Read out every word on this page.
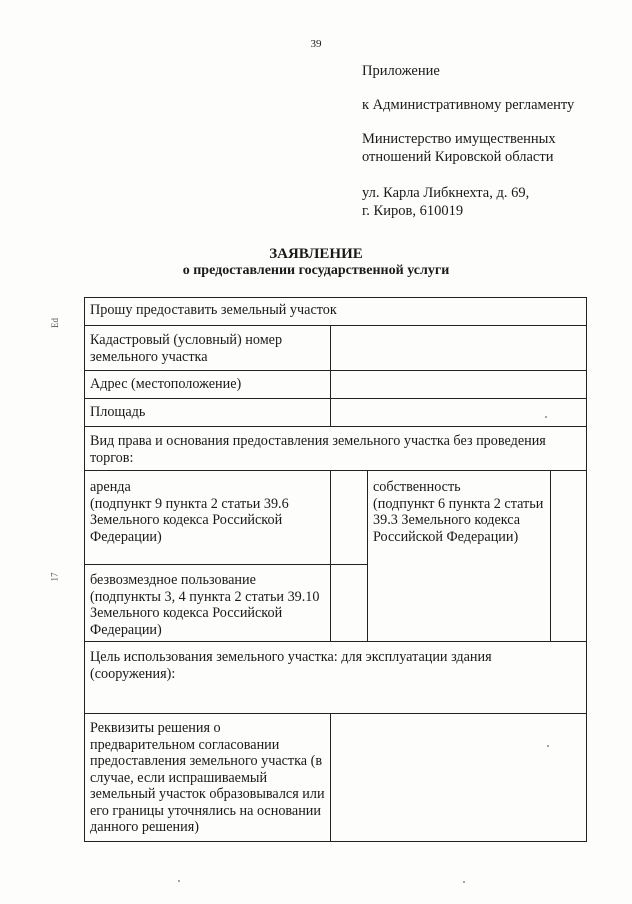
39
Приложение
к Административному регламенту
Министерство имущественных
отношений Кировской области
ул. Карла Либкнехта, д. 69,
г. Киров, 610019
ЗАЯВЛЕНИЕ
о предоставлении государственной услуги
Ed
17
Прошу предоставить земельный участок
Кадастровый (условный) номер
земельного участка
Адрес (местоположение)
Площадь
Вид права и основания предоставления земельного участка без проведения
торгов:
аренда
(подпункт 9 пункта 2 статьи 39.6
Земельного кодекса Российской
Федерации)
собственность
(подпункт 6 пункта 2 статьи
39.3 Земельного кодекса
Российской Федерации)
безвозмездное пользование
(подпункты 3, 4 пункта 2 статьи 39.10
Земельного кодекса Российской
Федерации)
Цель использования земельного участка: для эксплуатации здания
(сооружения):
Реквизиты решения о
предварительном согласовании
предоставления земельного участка (в
случае, если испрашиваемый
земельный участок образовывался или
его границы уточнялись на основании
данного решения)
